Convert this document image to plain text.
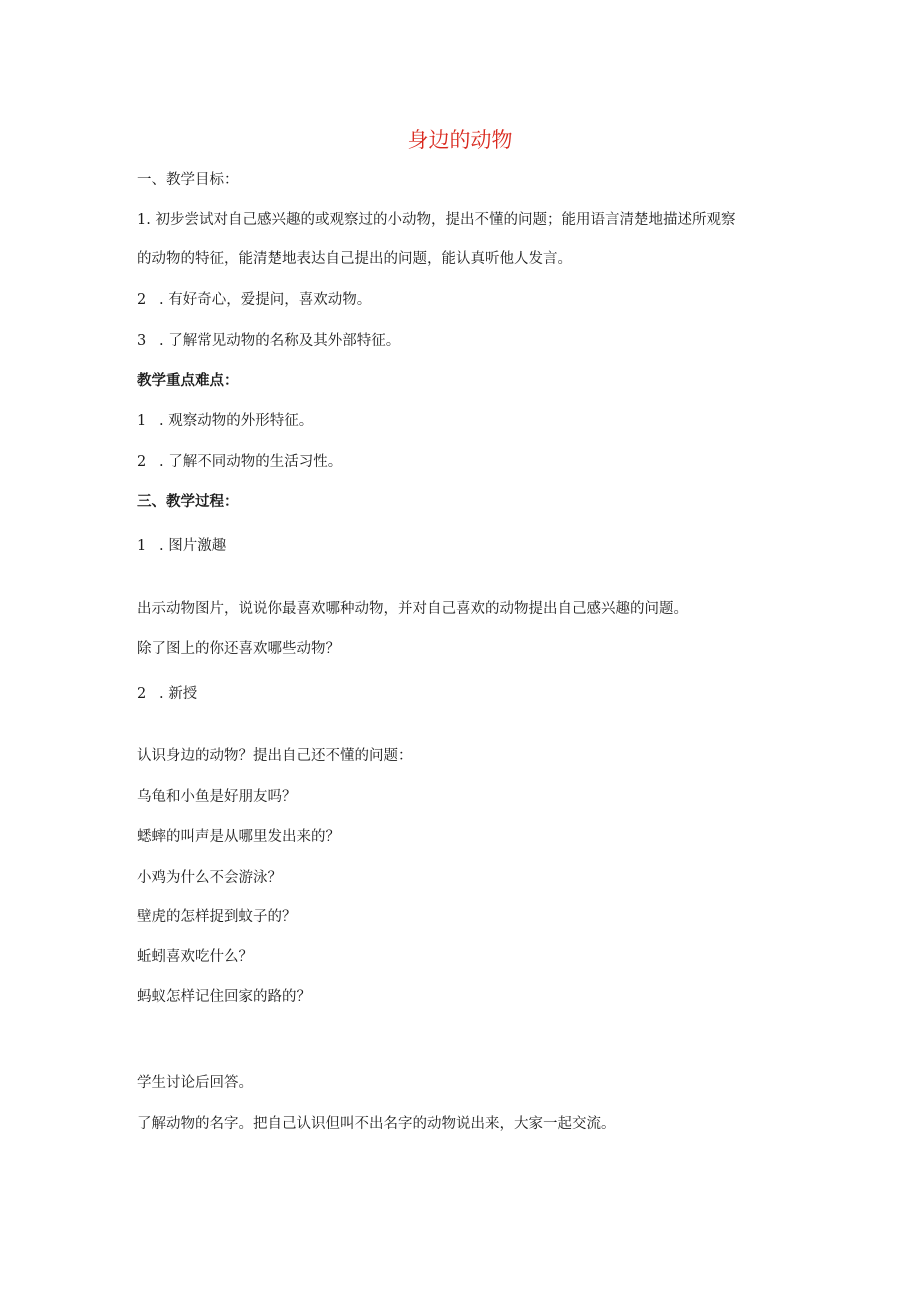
身边的动物
一、教学目标：
1. 初步尝试对自己感兴趣的或观察过的小动物，提出不懂的问题；能用语言清楚地描述所观察
的动物的特征，能清楚地表达自己提出的问题，能认真听他人发言。
2 . 有好奇心，爱提问，喜欢动物。
3 . 了解常见动物的名称及其外部特征。
教学重点难点：
1 . 观察动物的外形特征。
2 . 了解不同动物的生活习性。
三、教学过程：
1 . 图片激趣
出示动物图片，说说你最喜欢哪种动物，并对自己喜欢的动物提出自己感兴趣的问题。
除了图上的你还喜欢哪些动物？
2 . 新授
认识身边的动物？提出自己还不懂的问题：
乌龟和小鱼是好朋友吗？
蟋蟀的叫声是从哪里发出来的？
小鸡为什么不会游泳？
壁虎的怎样捉到蚊子的？
蚯蚓喜欢吃什么？
蚂蚁怎样记住回家的路的？
学生讨论后回答。
了解动物的名字。把自己认识但叫不出名字的动物说出来，大家一起交流。
